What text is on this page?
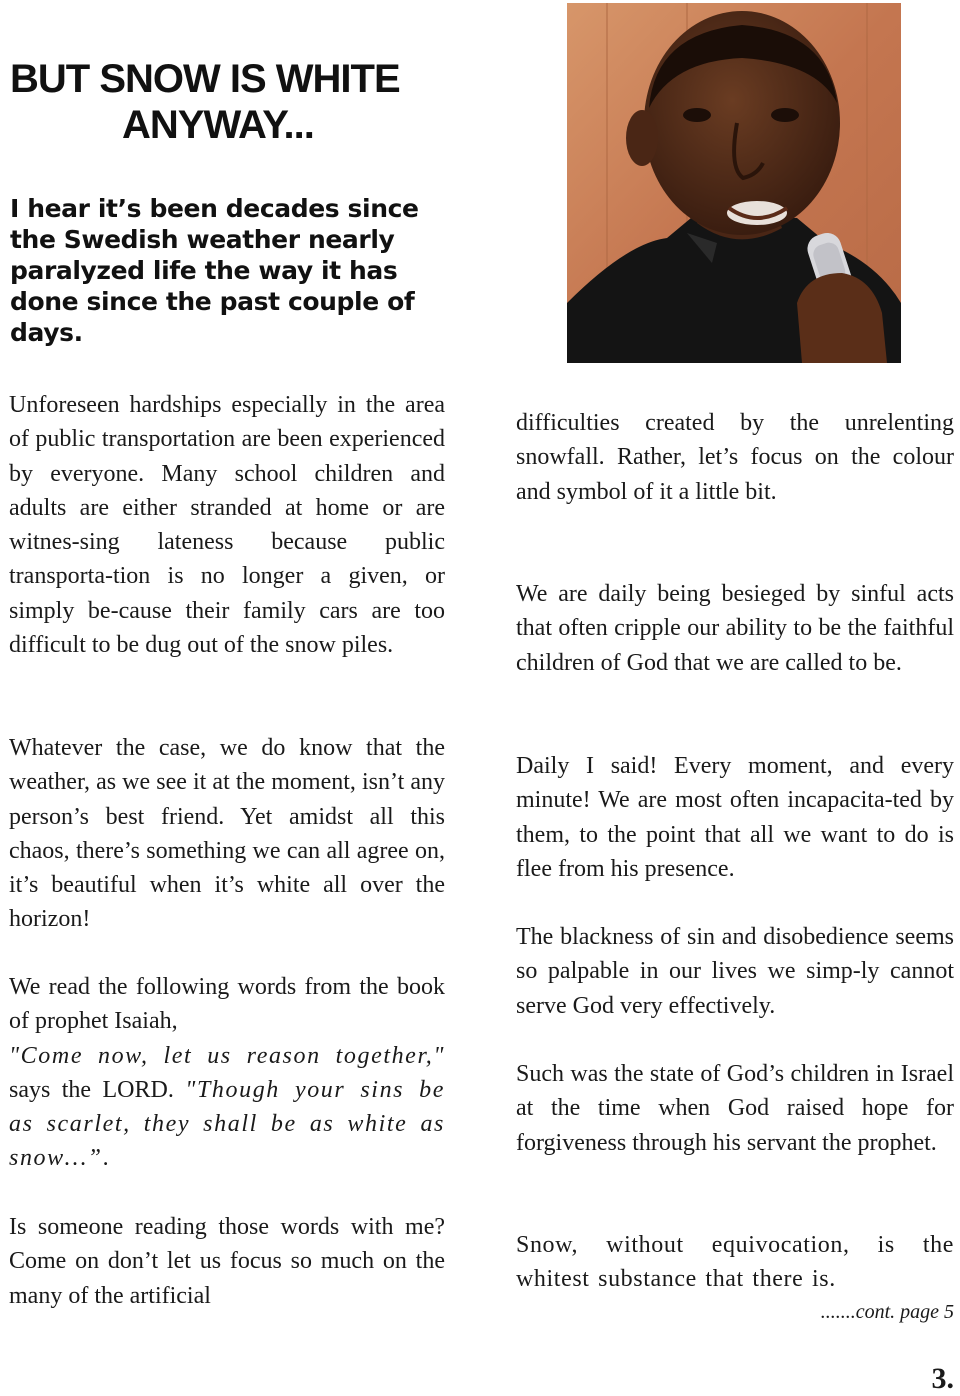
BUT SNOW IS WHITE
ANYWAY...

I hear it’s been decades since the Swedish weather nearly paralyzed life the way it has done since the past couple of days.

Unforeseen hardships especially in the area of public transportation are been experienced by everyone. Many school children and adults are either stranded at home or are witnes-sing lateness because public transporta-tion is no longer a given, or simply be-cause their family cars are too difficult to be dug out of the snow piles.

Whatever the case, we do know that the weather, as we see it at the moment, isn’t any person’s best friend. Yet amidst all this chaos, there’s something we can all agree on, it’s beautiful when it’s white all over the horizon!

We read the following words from the book of prophet Isaiah,
"Come now, let us reason together," says the LORD. "Though your sins be as scarlet, they shall be as white as snow…”.

Is someone reading those words with me? Come on don’t let us focus so much on the many of the artificial

difficulties created by the unrelenting snowfall. Rather, let’s focus on the colour and symbol of it a little bit.

We are daily being besieged by sinful acts that often cripple our ability to be the faithful children of God that we are called to be.

Daily I said! Every moment, and every minute! We are most often incapacita-ted by them, to the point that all we want to do is flee from his presence.

The blackness of sin and disobedience seems so palpable in our lives we simp-ly cannot serve God very effectively.

Such was the state of God’s children in Israel at the time when God raised hope for forgiveness through his servant the prophet.

Snow, without equivocation, is the whitest substance that there is.

.......cont. page 5

3.
